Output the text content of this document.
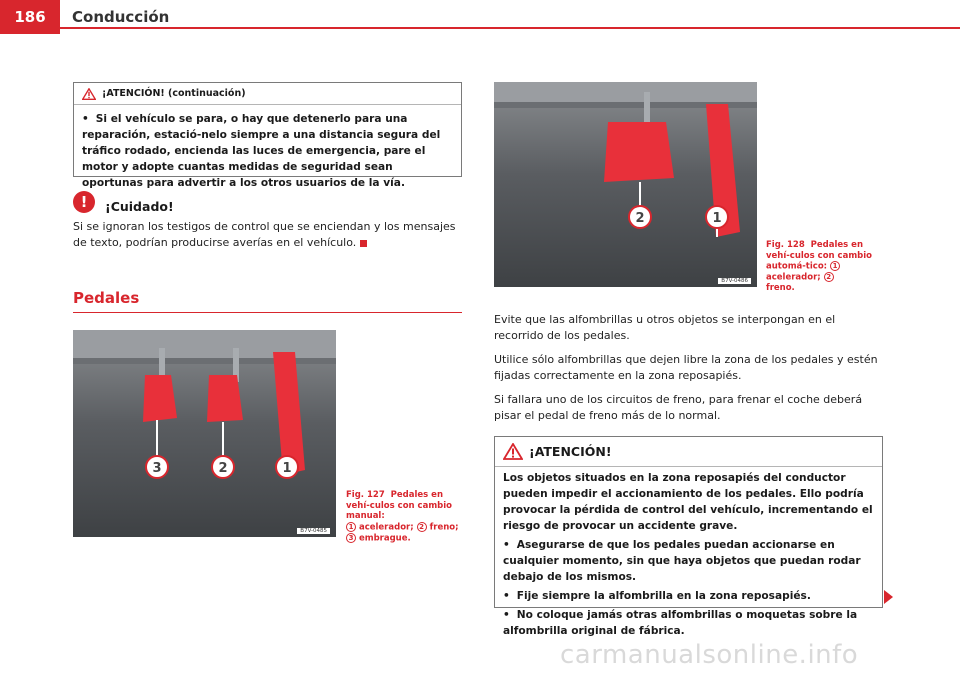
186	Conducción
¡ATENCIÓN! (continuación)

• Si el vehículo se para, o hay que detenerlo para una reparación, estació-nelo siempre a una distancia segura del tráfico rodado, encienda las luces de emergencia, pare el motor y adopte cuantas medidas de seguridad sean oportunas para advertir a los otros usuarios de la vía.

!	¡Cuidado!

Si se ignoran los testigos de control que se enciendan y los mensajes de texto, podrían producirse averías en el vehículo.

Pedales
3	2	1
B7V-0485
Fig. 127 Pedales en vehí-culos con cambio manual:
1 acelerador; 2 freno;
3 embrague.
2	1
B7V-0486
Fig. 128 Pedales en vehí-culos con cambio automá-tico: 1 acelerador; 2
freno.

Evite que las alfombrillas u otros objetos se interpongan en el recorrido de los pedales.

Utilice sólo alfombrillas que dejen libre la zona de los pedales y estén fijadas correctamente en la zona reposapiés.

Si fallara uno de los circuitos de freno, para frenar el coche deberá pisar el pedal de freno más de lo normal.

¡ATENCIÓN!

Los objetos situados en la zona reposapiés del conductor pueden impedir el accionamiento de los pedales. Ello podría provocar la pérdida de control del vehículo, incrementando el riesgo de provocar un accidente grave.

• Asegurarse de que los pedales puedan accionarse en cualquier momento, sin que haya objetos que puedan rodar debajo de los mismos.

• Fije siempre la alfombrilla en la zona reposapiés.

• No coloque jamás otras alfombrillas o moquetas sobre la alfombrilla original de fábrica.

carmanualsonline.info
